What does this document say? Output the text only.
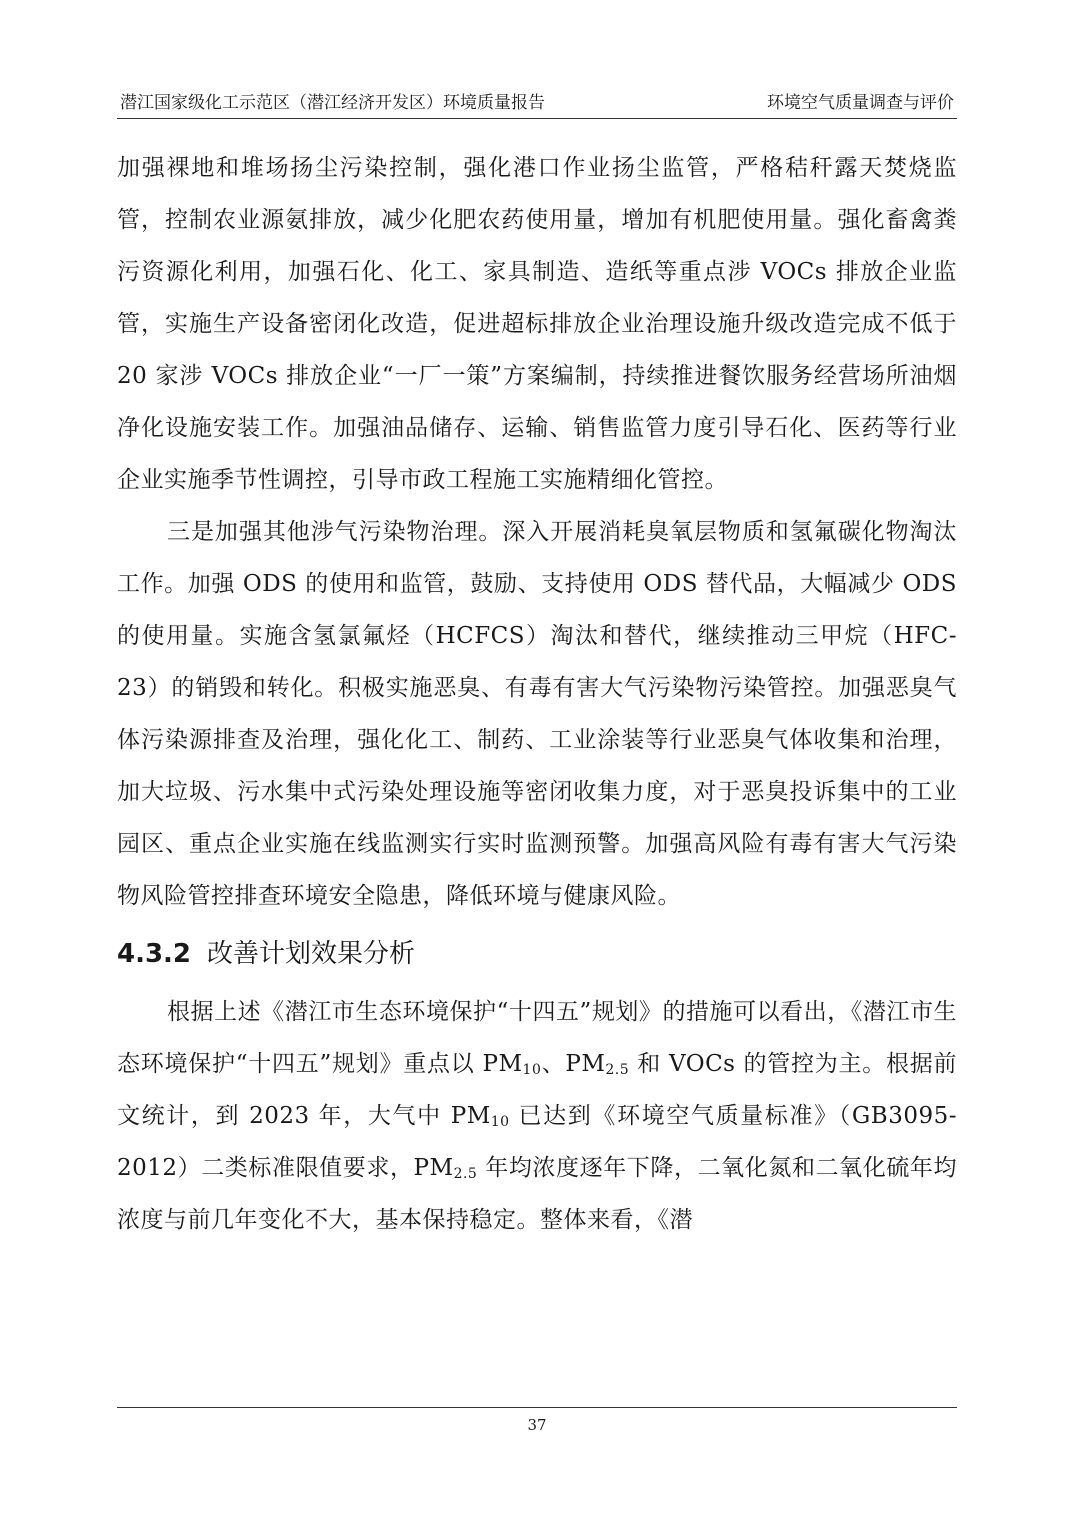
潜江国家级化工示范区（潜江经济开发区）环境质量报告	环境空气质量调查与评价

加强裸地和堆场扬尘污染控制，强化港口作业扬尘监管，严格秸秆露天焚烧监管，控制农业源氨排放，减少化肥农药使用量，增加有机肥使用量。强化畜禽粪污资源化利用，加强石化、化工、家具制造、造纸等重点涉 VOCs 排放企业监管，实施生产设备密闭化改造，促进超标排放企业治理设施升级改造完成不低于 20 家涉 VOCs 排放企业“一厂一策”方案编制，持续推进餐饮服务经营场所油烟净化设施安装工作。加强油品储存、运输、销售监管力度引导石化、医药等行业企业实施季节性调控，引导市政工程施工实施精细化管控。

三是加强其他涉气污染物治理。深入开展消耗臭氧层物质和氢氟碳化物淘汰工作。加强 ODS 的使用和监管，鼓励、支持使用 ODS 替代品，大幅减少 ODS 的使用量。实施含氢氯氟烃（HCFCS）淘汰和替代，继续推动三甲烷（HFC-23）的销毁和转化。积极实施恶臭、有毒有害大气污染物污染管控。加强恶臭气体污染源排查及治理，强化化工、制药、工业涂装等行业恶臭气体收集和治理，加大垃圾、污水集中式污染处理设施等密闭收集力度，对于恶臭投诉集中的工业园区、重点企业实施在线监测实行实时监测预警。加强高风险有毒有害大气污染物风险管控排查环境安全隐患，降低环境与健康风险。

4.3.2 改善计划效果分析

根据上述《潜江市生态环境保护“十四五”规划》的措施可以看出，《潜江市生态环境保护“十四五”规划》重点以 $PM_{10}$、$PM_{2.5}$ 和 VOCs 的管控为主。根据前文统计，到 2023 年，大气中 $PM_{10}$ 已达到《环境空气质量标准》（GB3095-2012）二类标准限值要求，$PM_{2.5}$ 年均浓度逐年下降，二氧化氮和二氧化硫年均浓度与前几年变化不大，基本保持稳定。整体来看，《潜

37
